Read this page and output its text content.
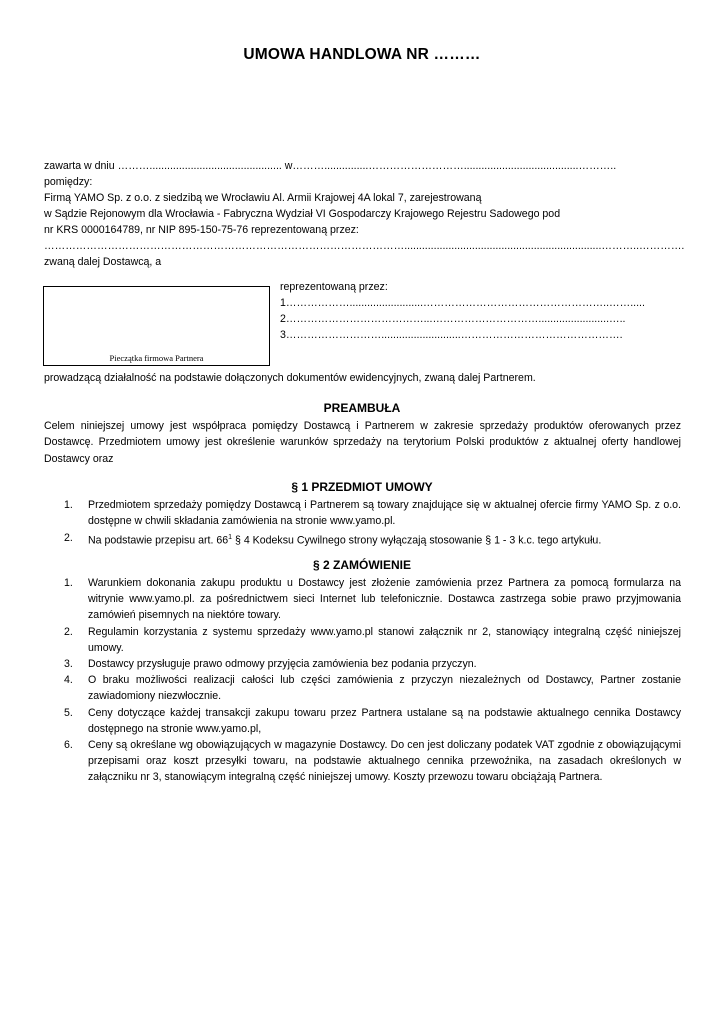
UMOWA HANDLOWA NR ………
zawarta w dniu ………............................................. w………...............……………………….......................................………..
pomiędzy:
Firmą YAMO Sp. z o.o. z siedzibą we Wrocławiu Al. Armii Krajowej 4A lokal 7, zarejestrowaną
w Sądzie Rejonowym dla Wrocławia - Fabryczna Wydział VI Gospodarczy Krajowego Rejestru Sadowego pod
nr KRS 0000164789, nr NIP 895-150-75-76 reprezentowaną przez:
…………………………………………………………………………………………...................................................................………..………….
zwaną dalej Dostawcą, a
Pieczątka firmowa Partnera
reprezentowaną przez:
1……………….........................……………………………………………..…….....
2…………………………………...…………………………........................…..
3………………………...........................……………………………………….
prowadzącą działalność na podstawie dołączonych dokumentów ewidencyjnych, zwaną dalej Partnerem.
PREAMBUŁA
Celem niniejszej umowy jest współpraca pomiędzy Dostawcą i Partnerem w zakresie sprzedaży produktów oferowanych przez Dostawcę. Przedmiotem umowy jest określenie warunków sprzedaży na terytorium Polski produktów z aktualnej oferty handlowej Dostawcy oraz
§ 1 PRZEDMIOT UMOWY
1. Przedmiotem sprzedaży pomiędzy Dostawcą i Partnerem są towary znajdujące się w aktualnej ofercie firmy YAMO Sp. z o.o. dostępne w chwili składania zamówienia na stronie www.yamo.pl.
2. Na podstawie przepisu art. $66^1$ § 4 Kodeksu Cywilnego strony wyłączają stosowanie § 1 - 3 k.c. tego artykułu.
§ 2 ZAMÓWIENIE
1. Warunkiem dokonania zakupu produktu u Dostawcy jest złożenie zamówienia przez Partnera za pomocą formularza na witrynie www.yamo.pl. za pośrednictwem sieci Internet lub telefonicznie. Dostawca zastrzega sobie prawo przyjmowania zamówień pisemnych na niektóre towary.
2. Regulamin korzystania z systemu sprzedaży www.yamo.pl stanowi załącznik nr 2, stanowiący integralną część niniejszej umowy.
3. Dostawcy przysługuje prawo odmowy przyjęcia zamówienia bez podania przyczyn.
4. O braku możliwości realizacji całości lub części zamówienia z przyczyn niezależnych od Dostawcy, Partner zostanie zawiadomiony niezwłocznie.
5. Ceny dotyczące każdej transakcji zakupu towaru przez Partnera ustalane są na podstawie aktualnego cennika Dostawcy dostępnego na stronie www.yamo.pl,
6. Ceny są określane wg obowiązujących w magazynie Dostawcy. Do cen jest doliczany podatek VAT zgodnie z obowiązującymi przepisami oraz koszt przesyłki towaru, na podstawie aktualnego cennika przewoźnika, na zasadach określonych w załączniku nr 3, stanowiącym integralną część niniejszej umowy. Koszty przewozu towaru obciążają Partnera.
